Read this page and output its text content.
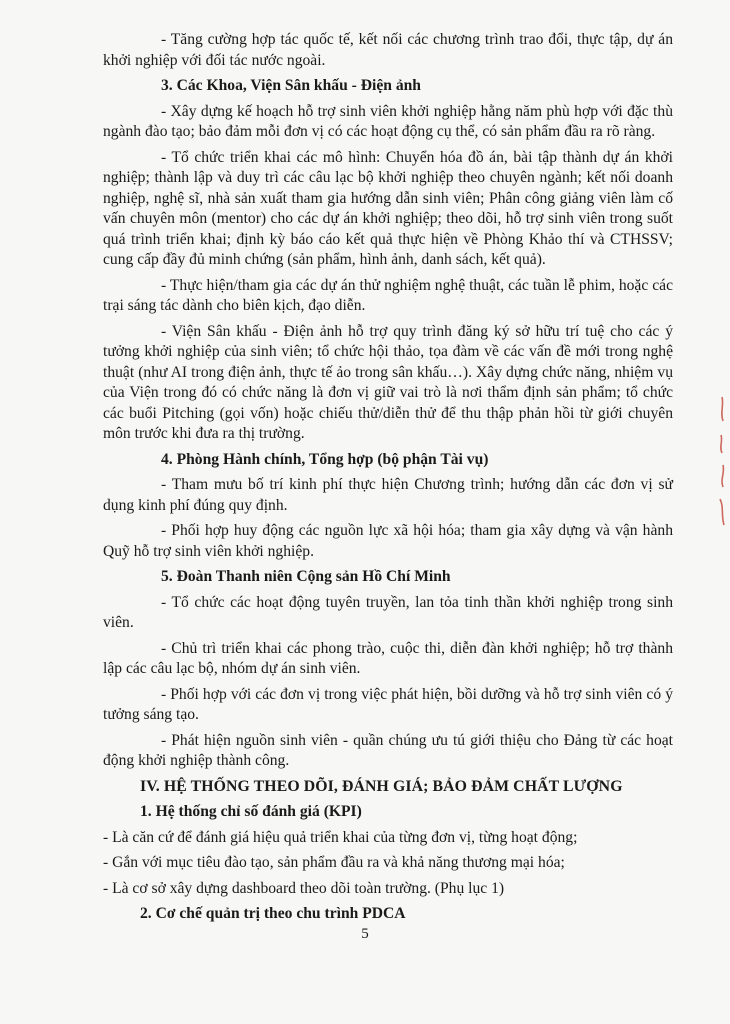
- Tăng cường hợp tác quốc tế, kết nối các chương trình trao đổi, thực tập, dự án khởi nghiệp với đối tác nước ngoài.

3. Các Khoa, Viện Sân khấu - Điện ảnh

- Xây dựng kế hoạch hỗ trợ sinh viên khởi nghiệp hằng năm phù hợp với đặc thù ngành đào tạo; bảo đảm mỗi đơn vị có các hoạt động cụ thể, có sản phẩm đầu ra rõ ràng.

- Tổ chức triển khai các mô hình: Chuyển hóa đồ án, bài tập thành dự án khởi nghiệp; thành lập và duy trì các câu lạc bộ khởi nghiệp theo chuyên ngành; kết nối doanh nghiệp, nghệ sĩ, nhà sản xuất tham gia hướng dẫn sinh viên; Phân công giảng viên làm cố vấn chuyên môn (mentor) cho các dự án khởi nghiệp; theo dõi, hỗ trợ sinh viên trong suốt quá trình triển khai; định kỳ báo cáo kết quả thực hiện về Phòng Khảo thí và CTHSSV; cung cấp đầy đủ minh chứng (sản phẩm, hình ảnh, danh sách, kết quả).

- Thực hiện/tham gia các dự án thử nghiệm nghệ thuật, các tuần lễ phim, hoặc các trại sáng tác dành cho biên kịch, đạo diễn.

- Viện Sân khấu - Điện ảnh hỗ trợ quy trình đăng ký sở hữu trí tuệ cho các ý tưởng khởi nghiệp của sinh viên; tổ chức hội thảo, tọa đàm về các vấn đề mới trong nghệ thuật (như AI trong điện ảnh, thực tế ảo trong sân khấu…). Xây dựng chức năng, nhiệm vụ của Viện trong đó có chức năng là đơn vị giữ vai trò là nơi thẩm định sản phẩm; tổ chức các buổi Pitching (gọi vốn) hoặc chiếu thử/diễn thử để thu thập phản hồi từ giới chuyên môn trước khi đưa ra thị trường.

4. Phòng Hành chính, Tổng hợp (bộ phận Tài vụ)

- Tham mưu bố trí kinh phí thực hiện Chương trình; hướng dẫn các đơn vị sử dụng kinh phí đúng quy định.

- Phối hợp huy động các nguồn lực xã hội hóa; tham gia xây dựng và vận hành Quỹ hỗ trợ sinh viên khởi nghiệp.

5. Đoàn Thanh niên Cộng sản Hồ Chí Minh

- Tổ chức các hoạt động tuyên truyền, lan tỏa tinh thần khởi nghiệp trong sinh viên.

- Chủ trì triển khai các phong trào, cuộc thi, diễn đàn khởi nghiệp; hỗ trợ thành lập các câu lạc bộ, nhóm dự án sinh viên.

- Phối hợp với các đơn vị trong việc phát hiện, bồi dưỡng và hỗ trợ sinh viên có ý tưởng sáng tạo.

- Phát hiện nguồn sinh viên - quần chúng ưu tú giới thiệu cho Đảng từ các hoạt động khởi nghiệp thành công.

IV. HỆ THỐNG THEO DÕI, ĐÁNH GIÁ; BẢO ĐẢM CHẤT LƯỢNG

1. Hệ thống chỉ số đánh giá (KPI)

- Là căn cứ để đánh giá hiệu quả triển khai của từng đơn vị, từng hoạt động;

- Gắn với mục tiêu đào tạo, sản phẩm đầu ra và khả năng thương mại hóa;

- Là cơ sở xây dựng dashboard theo dõi toàn trường. (Phụ lục 1)

2. Cơ chế quản trị theo chu trình PDCA

5
